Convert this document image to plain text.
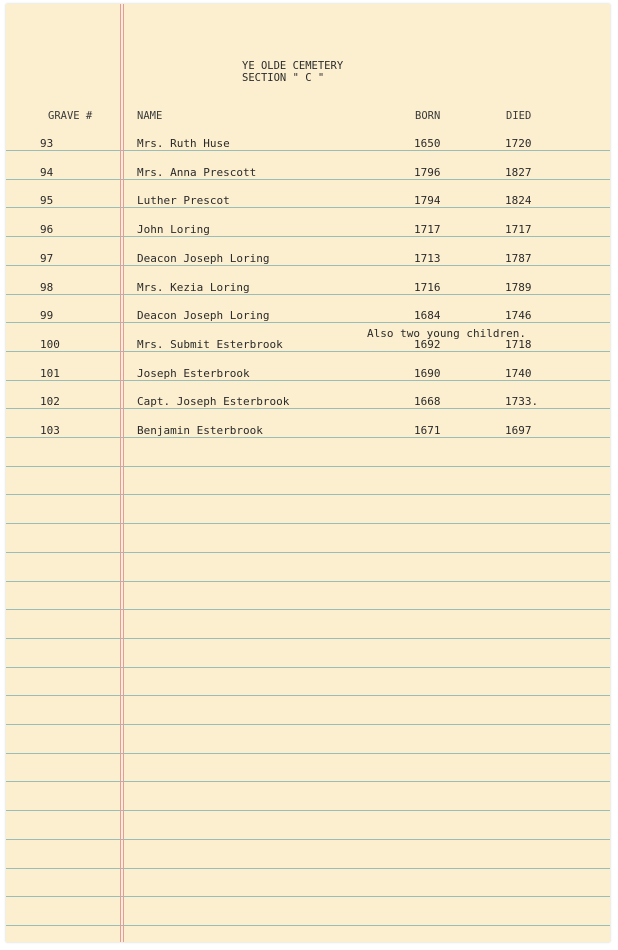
YE OLDE CEMETERY
SECTION " C "
GRAVE #	NAME	BORN	DIED
93	Mrs. Ruth Huse	1650	1720
94	Mrs. Anna Prescott	1796	1827
95	Luther Prescot	1794	1824
96	John Loring	1717	1717
97	Deacon Joseph Loring	1713	1787
98	Mrs. Kezia Loring	1716	1789
99	Deacon Joseph Loring	1684	1746
100	Mrs. Submit Esterbrook	1692	1718
101	Joseph Esterbrook	1690	1740
102	Capt. Joseph Esterbrook	1668	1733.
103	Benjamin Esterbrook	1671	1697
Also two young children.
